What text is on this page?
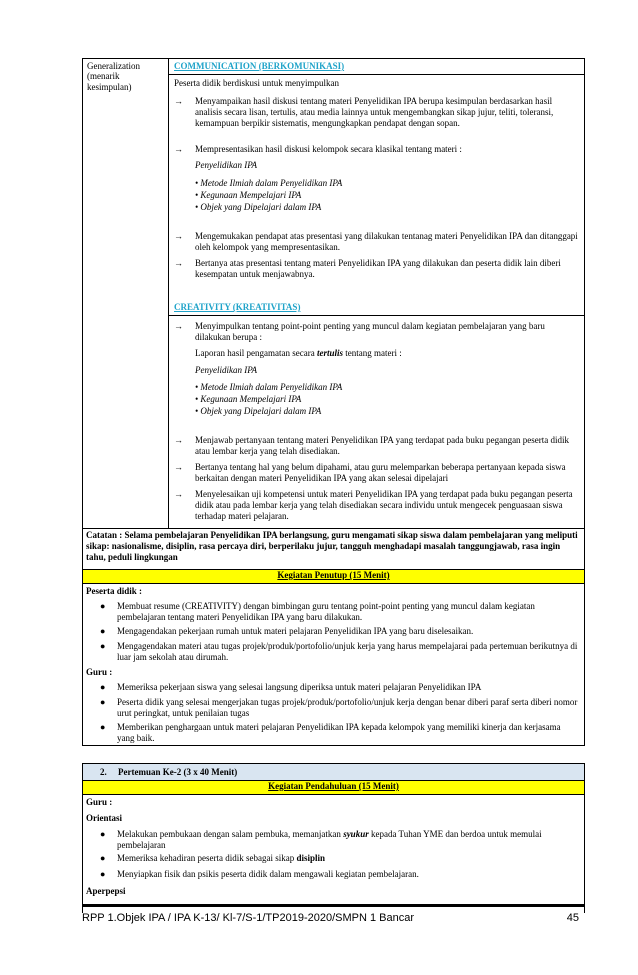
Generalization (menarik kesimpulan)
COMMUNICATION (BERKOMUNIKASI)
Peserta didik berdiskusi untuk menyimpulkan
→ Menyampaikan hasil diskusi tentang materi Penyelidikan IPA berupa kesimpulan berdasarkan hasil analisis secara lisan, tertulis, atau media lainnya untuk mengembangkan sikap jujur, teliti, toleransi, kemampuan berpikir sistematis, mengungkapkan pendapat dengan sopan.
→ Mempresentasikan hasil diskusi kelompok secara klasikal tentang materi :
Penyelidikan IPA
• Metode Ilmiah dalam Penyelidikan IPA
• Kegunaan Mempelajari IPA
• Objek yang Dipelajari dalam IPA
→ Mengemukakan pendapat atas presentasi yang dilakukan tentanag materi Penyelidikan IPA dan ditanggapi oleh kelompok yang mempresentasikan.
→ Bertanya atas presentasi tentang materi Penyelidikan IPA yang dilakukan dan peserta didik lain diberi kesempatan untuk menjawabnya.
CREATIVITY (KREATIVITAS)
→ Menyimpulkan tentang point-point penting yang muncul dalam kegiatan pembelajaran yang baru dilakukan berupa :
Laporan hasil pengamatan secara tertulis tentang materi :
Penyelidikan IPA
• Metode Ilmiah dalam Penyelidikan IPA
• Kegunaan Mempelajari IPA
• Objek yang Dipelajari dalam IPA
→ Menjawab pertanyaan tentang materi Penyelidikan IPA yang terdapat pada buku pegangan peserta didik atau lembar kerja yang telah disediakan.
→ Bertanya tentang hal yang belum dipahami, atau guru melemparkan beberapa pertanyaan kepada siswa berkaitan dengan materi Penyelidikan IPA yang akan selesai dipelajari
→ Menyelesaikan uji kompetensi untuk materi Penyelidikan IPA yang terdapat pada buku pegangan peserta didik atau pada lembar kerja yang telah disediakan secara individu untuk mengecek penguasaan siswa terhadap materi pelajaran.
Catatan : Selama pembelajaran Penyelidikan IPA berlangsung, guru mengamati sikap siswa dalam pembelajaran yang meliputi sikap: nasionalisme, disiplin, rasa percaya diri, berperilaku jujur, tangguh menghadapi masalah tanggungjawab, rasa ingin tahu, peduli lingkungan
Kegiatan Penutup (15 Menit)
Peserta didik :
● Membuat resume (CREATIVITY) dengan bimbingan guru tentang point-point penting yang muncul dalam kegiatan pembelajaran tentang materi Penyelidikan IPA yang baru dilakukan.
● Mengagendakan pekerjaan rumah untuk materi pelajaran Penyelidikan IPA yang baru diselesaikan.
● Mengagendakan materi atau tugas projek/produk/portofolio/unjuk kerja yang harus mempelajarai pada pertemuan berikutnya di luar jam sekolah atau dirumah.
Guru :
● Memeriksa pekerjaan siswa yang selesai langsung diperiksa untuk materi pelajaran Penyelidikan IPA
● Peserta didik yang selesai mengerjakan tugas projek/produk/portofolio/unjuk kerja dengan benar diberi paraf serta diberi nomor urut peringkat, untuk penilaian tugas
● Memberikan penghargaan untuk materi pelajaran Penyelidikan IPA kepada kelompok yang memiliki kinerja dan kerjasama yang baik.
2. Pertemuan Ke-2 (3 x 40 Menit)
Kegiatan Pendahuluan (15 Menit)
Guru :
Orientasi
● Melakukan pembukaan dengan salam pembuka, memanjatkan syukur kepada Tuhan YME dan berdoa untuk memulai pembelajaran
● Memeriksa kehadiran peserta didik sebagai sikap disiplin
● Menyiapkan fisik dan psikis peserta didik dalam mengawali kegiatan pembelajaran.
Aperpepsi
RPP 1.Objek IPA / IPA K-13/ Kl-7/S-1/TP2019-2020/SMPN 1 Bancar	45
